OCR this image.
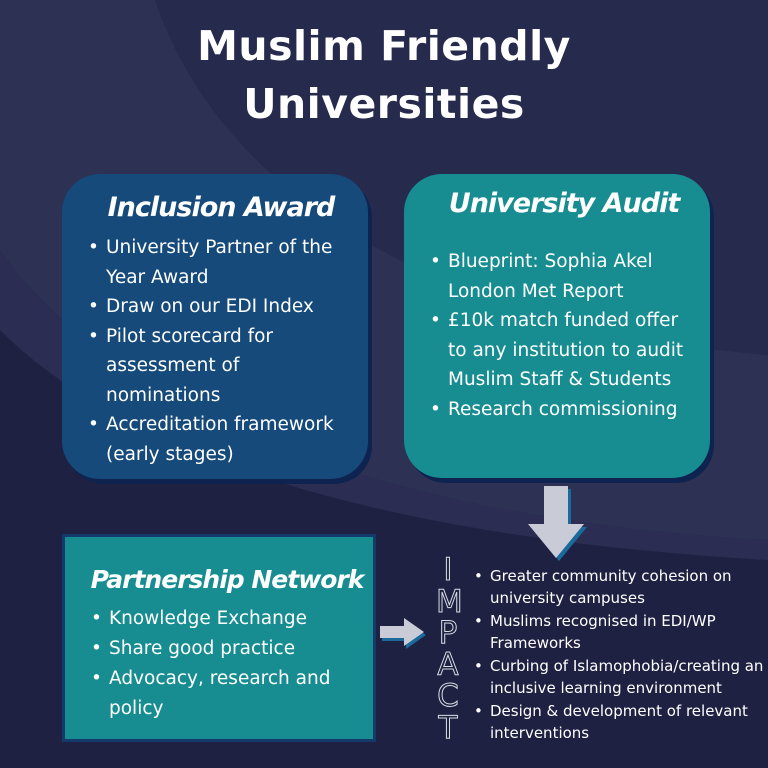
Muslim Friendly
Universities
Inclusion Award
• University Partner of the Year Award
• Draw on our EDI Index
• Pilot scorecard for assessment of nominations
• Accreditation framework (early stages)
University Audit
• Blueprint: Sophia Akel London Met Report
• £10k match funded offer to any institution to audit Muslim Staff & Students
• Research commissioning
Partnership Network
• Knowledge Exchange
• Share good practice
• Advocacy, research and policy
I
M
P
A
C
T
• Greater community cohesion on university campuses
• Muslims recognised in EDI/WP Frameworks
• Curbing of Islamophobia/creating an inclusive learning environment
• Design & development of relevant interventions
